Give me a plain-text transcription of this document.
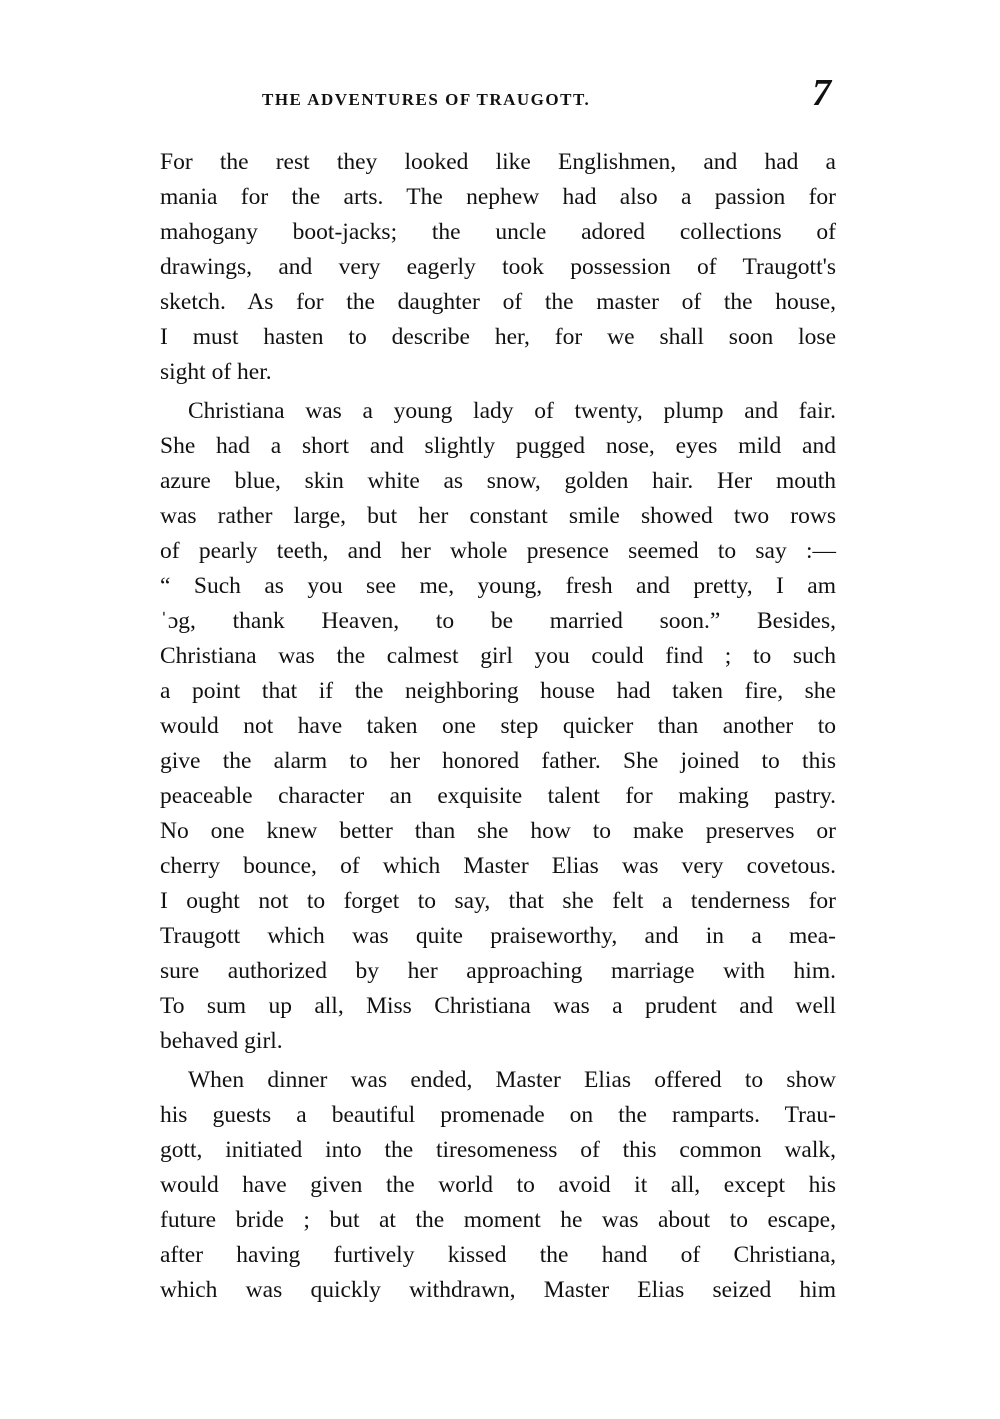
THE ADVENTURES OF TRAUGOTT.	7
For the rest they looked like Englishmen, and had a
mania for the arts. The nephew had also a passion for
mahogany boot-jacks; the uncle adored collections of
drawings, and very eagerly took possession of Traugott's
sketch. As for the daughter of the master of the house,
I must hasten to describe her, for we shall soon lose
sight of her.
Christiana was a young lady of twenty, plump and fair.
She had a short and slightly pugged nose, eyes mild and
azure blue, skin white as snow, golden hair. Her mouth
was rather large, but her constant smile showed two rows
of pearly teeth, and her whole presence seemed to say :—
“ Such as you see me, young, fresh and pretty, I am
ˈɔg, thank Heaven, to be married soon.” Besides,
Christiana was the calmest girl you could find ; to such
a point that if the neighboring house had taken fire, she
would not have taken one step quicker than another to
give the alarm to her honored father. She joined to this
peaceable character an exquisite talent for making pastry.
No one knew better than she how to make preserves or
cherry bounce, of which Master Elias was very covetous.
I ought not to forget to say, that she felt a tenderness for
Traugott which was quite praiseworthy, and in a mea-
sure authorized by her approaching marriage with him.
To sum up all, Miss Christiana was a prudent and well
behaved girl.
When dinner was ended, Master Elias offered to show
his guests a beautiful promenade on the ramparts. Trau-
gott, initiated into the tiresomeness of this common walk,
would have given the world to avoid it all, except his
future bride ; but at the moment he was about to escape,
after having furtively kissed the hand of Christiana,
which was quickly withdrawn, Master Elias seized him
